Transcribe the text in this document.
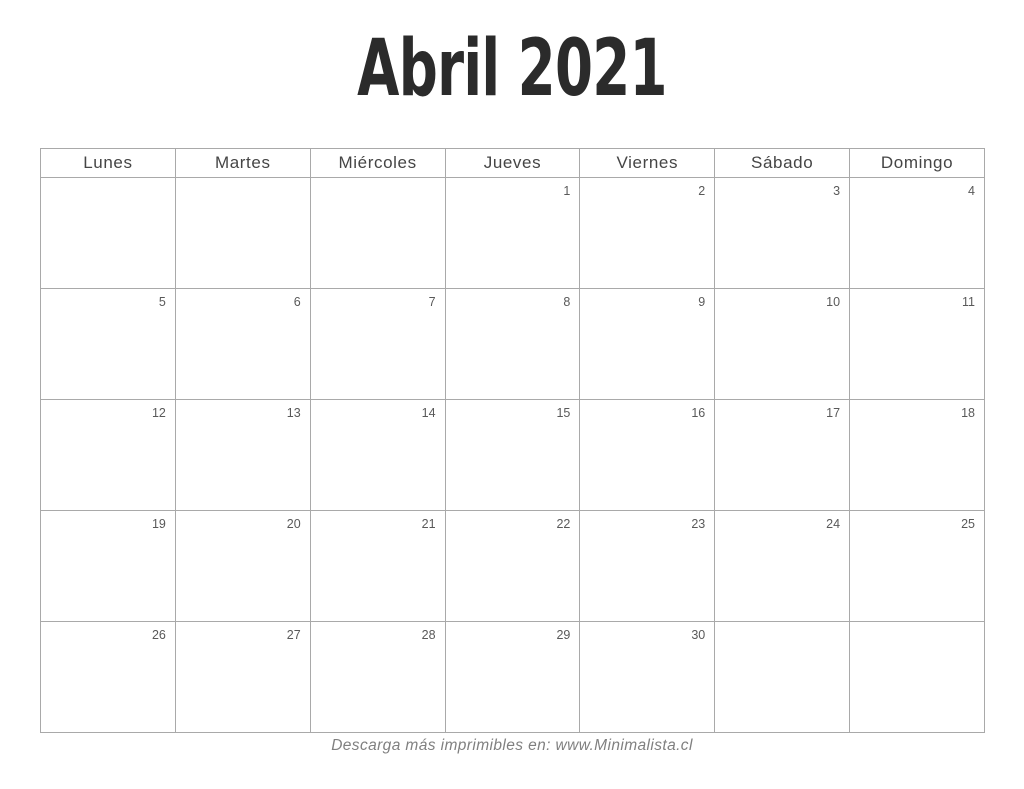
Abril 2021
Lunes	Martes	Miércoles	Jueves	Viernes	Sábado	Domingo
			1	2	3	4
5	6	7	8	9	10	11
12	13	14	15	16	17	18
19	20	21	22	23	24	25
26	27	28	29	30		
Descarga más imprimibles en: www.Minimalista.cl
